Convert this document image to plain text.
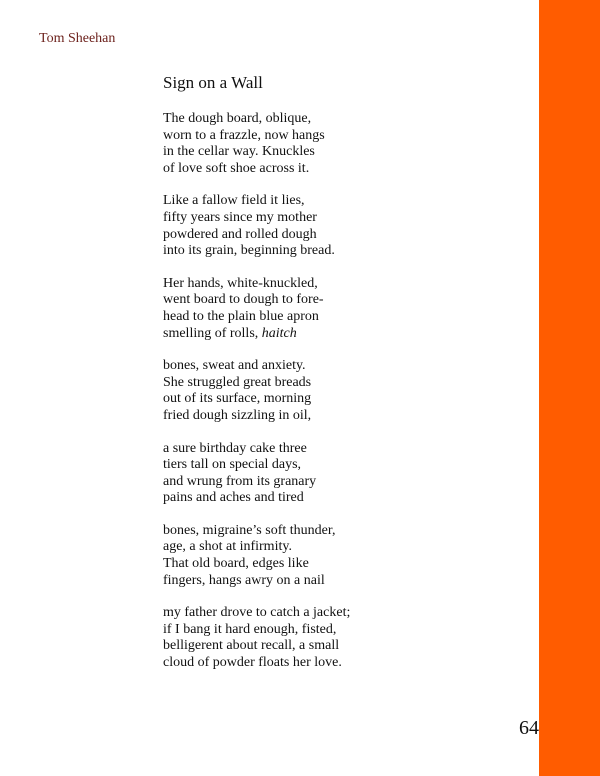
Tom Sheehan
Sign on a Wall
The dough board, oblique,
worn to a frazzle, now hangs
in the cellar way. Knuckles
of love soft shoe across it.
Like a fallow field it lies,
fifty years since my mother
powdered and rolled dough
into its grain, beginning bread.
Her hands, white-knuckled,
went board to dough to fore-
head to the plain blue apron
smelling of rolls, haitch
bones, sweat and anxiety.
She struggled great breads
out of its surface, morning
fried dough sizzling in oil,
a sure birthday cake three
tiers tall on special days,
and wrung from its granary
pains and aches and tired
bones, migraine’s soft thunder,
age, a shot at infirmity.
That old board, edges like
fingers, hangs awry on a nail
my father drove to catch a jacket;
if I bang it hard enough, fisted,
belligerent about recall, a small
cloud of powder floats her love.
64
